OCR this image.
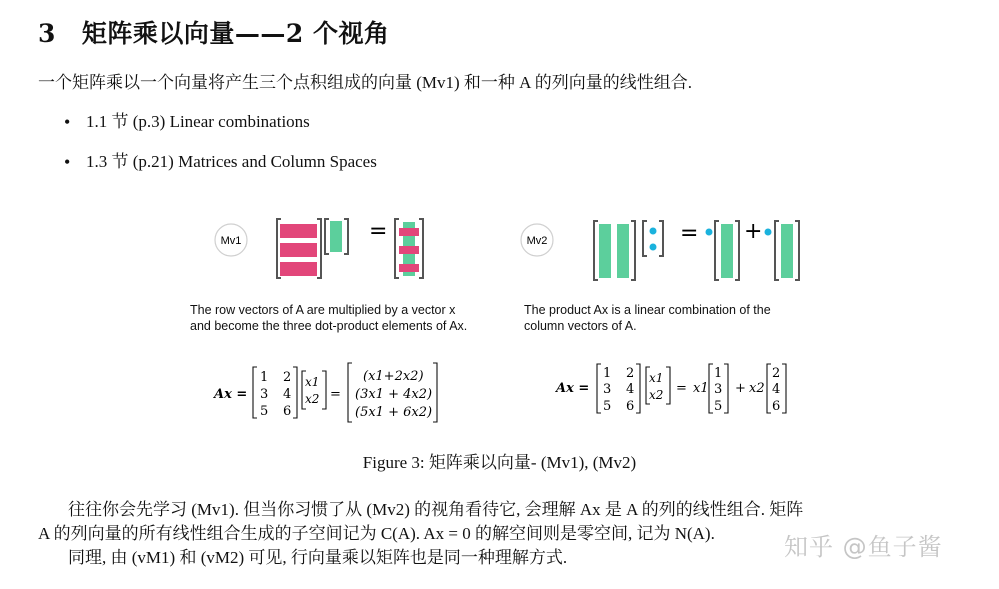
3 矩阵乘以向量——2 个视角
一个矩阵乘以一个向量将产生三个点积组成的向量 (Mv1) 和一种 A 的列向量的线性组合.
• 1.1 节 (p.3) Linear combinations
• 1.3 节 (p.21) Matrices and Column Spaces
Mv1	=	Mv2	= +
Ax =
1 2
3 4
5 6
x1
x2 =
(x1+2x2)
(3x1 + 4x2)
(5x1 + 6x2)
Ax =
1 2
3 4
5 6
x1
x2 = x1
1
3
5
+ x2
2
4
6
The row vectors of A are multiplied by a vector x
and become the three dot-product elements of Ax.
The product Ax is a linear combination of the
column vectors of A.
Figure 3: 矩阵乘以向量- (Mv1), (Mv2)

往往你会先学习 (Mv1). 但当你习惯了从 (Mv2) 的视角看待它, 会理解 Ax 是 A 的列的线性组合. 矩阵

A 的列向量的所有线性组合生成的子空间记为 C(A). Ax = 0 的解空间则是零空间, 记为 N(A).

同理, 由 (vM1) 和 (vM2) 可见, 行向量乘以矩阵也是同一种理解方式.	知乎 @鱼子酱
